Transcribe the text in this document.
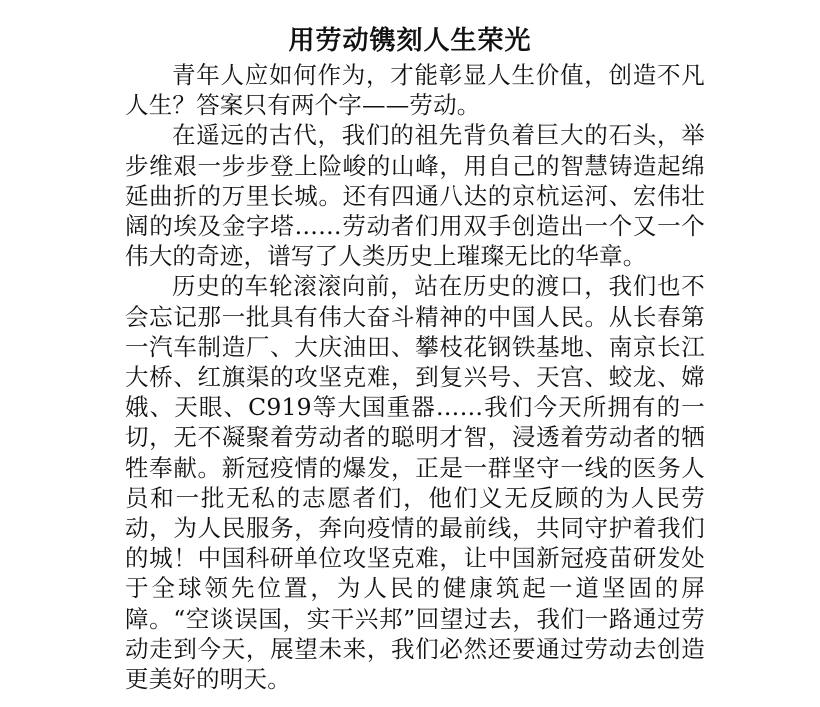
用劳动镌刻人生荣光

青年人应如何作为，才能彰显人生价值，创造不凡人生？答案只有两个字——劳动。

在遥远的古代，我们的祖先背负着巨大的石头，举步维艰一步步登上险峻的山峰，用自己的智慧铸造起绵延曲折的万里长城。还有四通八达的京杭运河、宏伟壮阔的埃及金字塔……劳动者们用双手创造出一个又一个伟大的奇迹，谱写了人类历史上璀璨无比的华章。

历史的车轮滚滚向前，站在历史的渡口，我们也不会忘记那一批具有伟大奋斗精神的中国人民。从长春第一汽车制造厂、大庆油田、攀枝花钢铁基地、南京长江大桥、红旗渠的攻坚克难，到复兴号、天宫、蛟龙、嫦娥、天眼、C919等大国重器……我们今天所拥有的一切，无不凝聚着劳动者的聪明才智，浸透着劳动者的牺牲奉献。新冠疫情的爆发，正是一群坚守一线的医务人员和一批无私的志愿者们，他们义无反顾的为人民劳动，为人民服务，奔向疫情的最前线，共同守护着我们的城！中国科研单位攻坚克难，让中国新冠疫苗研发处于全球领先位置，为人民的健康筑起一道坚固的屏障。“空谈误国，实干兴邦”回望过去，我们一路通过劳动走到今天，展望未来，我们必然还要通过劳动去创造更美好的明天。
